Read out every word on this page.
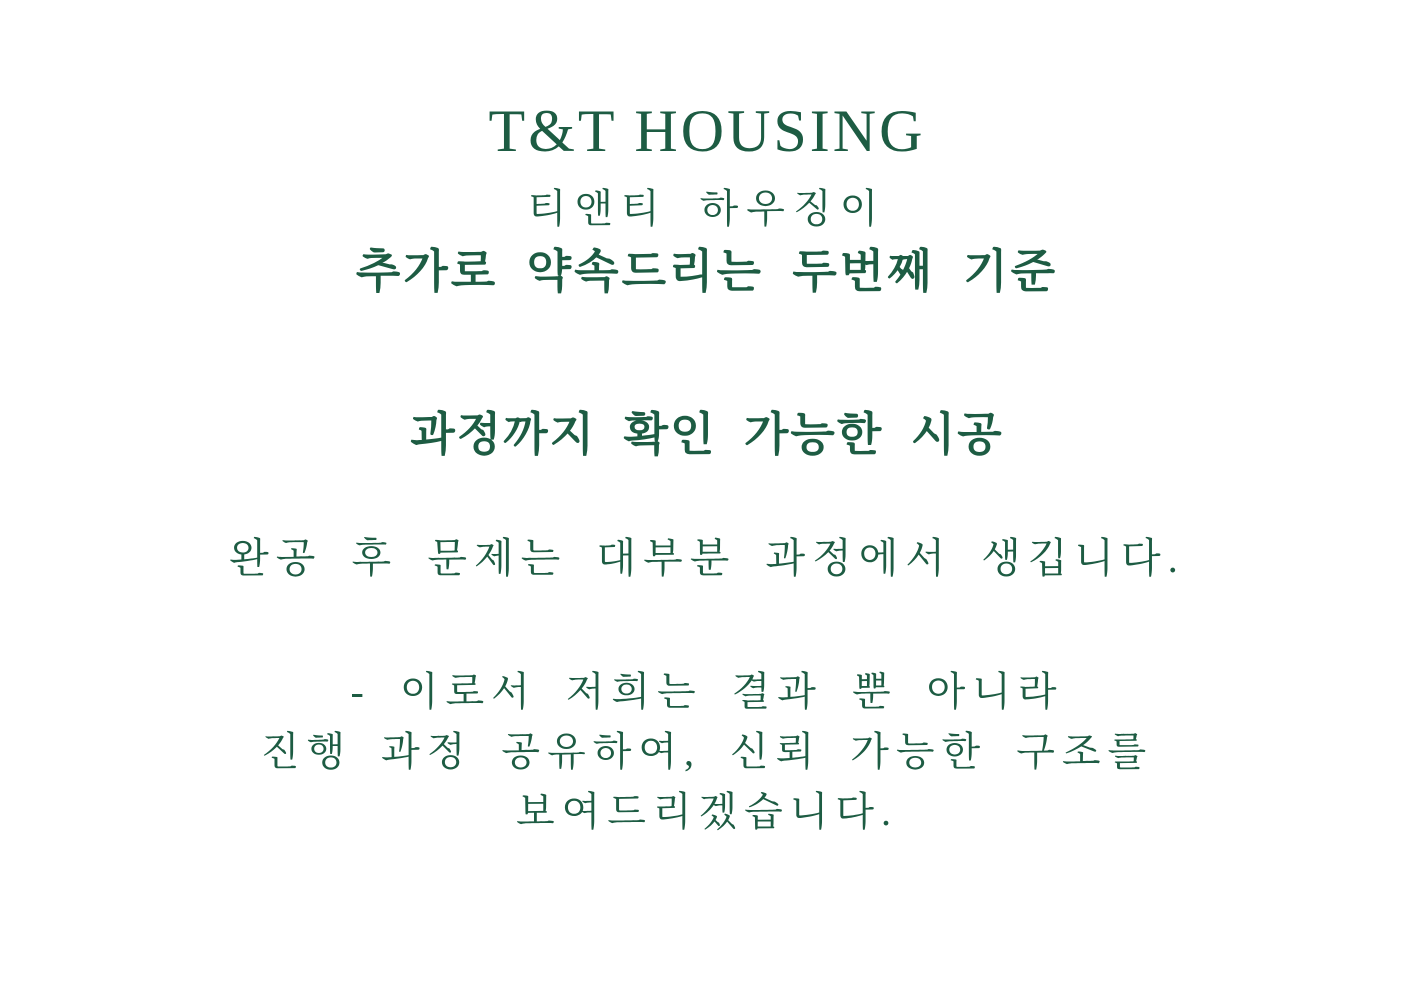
T&T HOUSING
티앤티 하우징이
추가로 약속드리는 두번째 기준
과정까지 확인 가능한 시공
완공 후 문제는 대부분 과정에서 생깁니다.
- 이로서 저희는 결과 뿐 아니라
진행 과정 공유하여, 신뢰 가능한 구조를
보여드리겠습니다.
